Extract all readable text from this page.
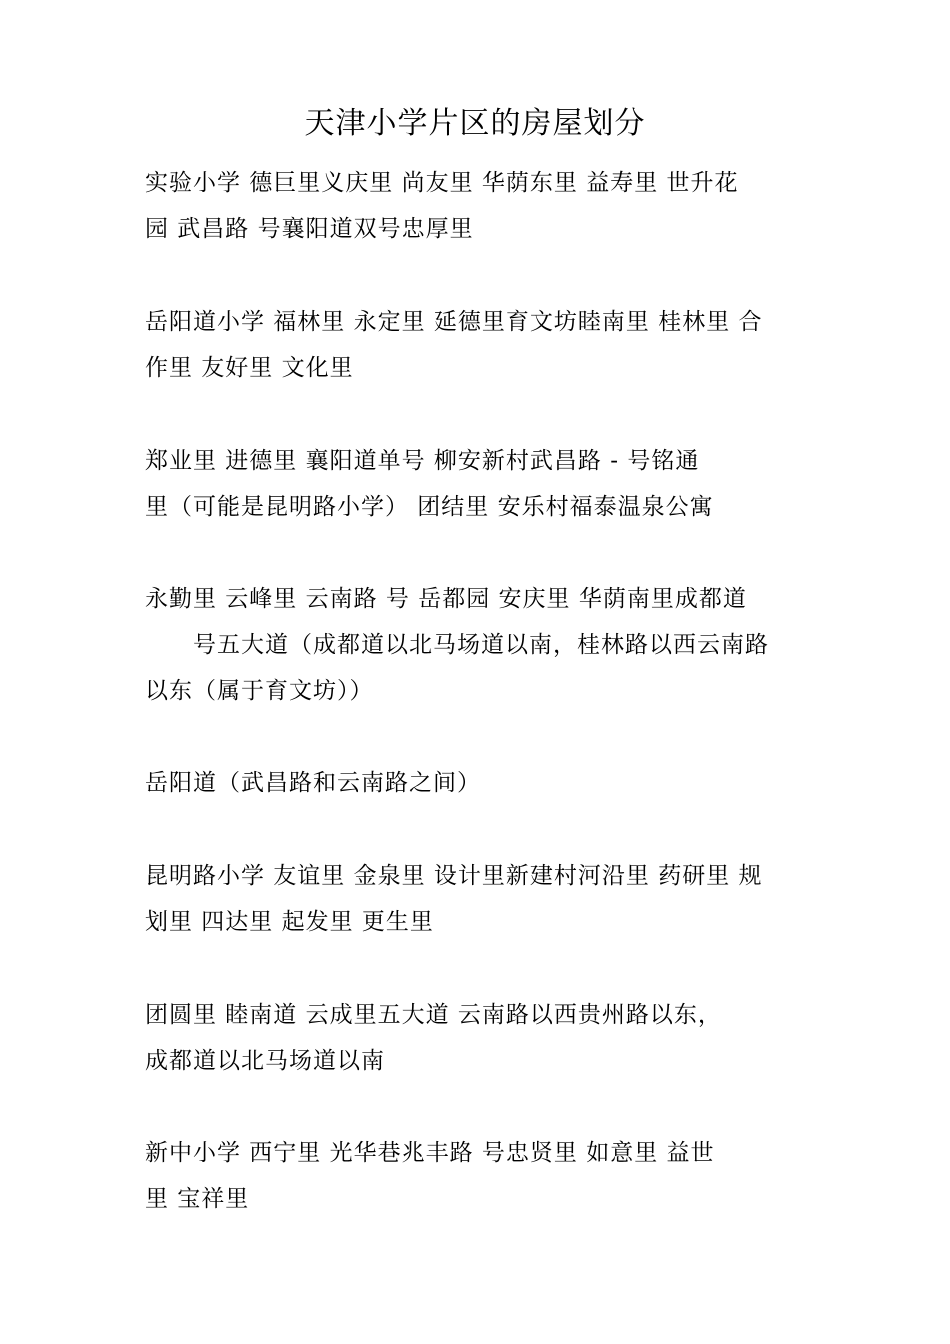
天津小学片区的房屋划分
实验小学 德巨里义庆里 尚友里 华荫东里 益寿里 世升花
园 武昌路 号襄阳道双号忠厚里
岳阳道小学 福林里 永定里 延德里育文坊睦南里 桂林里 合
作里 友好里 文化里
郑业里 进德里 襄阳道单号 柳安新村武昌路 - 号铭通
里（可能是昆明路小学） 团结里 安乐村福泰温泉公寓
永勤里 云峰里 云南路 号 岳都园 安庆里 华荫南里成都道
号五大道（成都道以北马场道以南，桂林路以西云南路
以东（属于育文坊））
岳阳道（武昌路和云南路之间）
昆明路小学 友谊里 金泉里 设计里新建村河沿里 药研里 规
划里 四达里 起发里 更生里
团圆里 睦南道 云成里五大道 云南路以西贵州路以东，
成都道以北马场道以南
新中小学 西宁里 光华巷兆丰路 号忠贤里 如意里 益世
里 宝祥里
